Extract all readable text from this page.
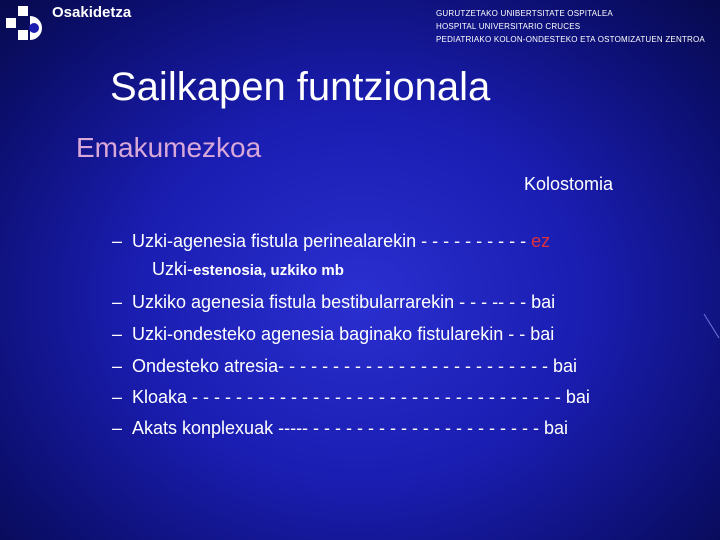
Osakidetza	GURUTZETAKO UNIBERTSITATE OSPITALEA
HOSPITAL UNIVERSITARIO CRUCES
PEDIATRIAKO KOLON-ONDESTEKO ETA OSTOMIZATUEN ZENTROA
Sailkapen funtzionala
Emakumezkoa
Kolostomia
– Uzki-agenesia fistula perinealarekin - - - - - - - - - - ez
Uzki-estenosia, uzkiko mb
– Uzkiko agenesia fistula bestibularrarekin - - - -- - - bai
– Uzki-ondesteko agenesia baginako fistularekin - - bai
– Ondesteko atresia- - - - - - - - - - - - - - - - - - - - - - - - - bai
– Kloaka - - - - - - - - - - - - - - - - - - - - - - - - - - - - - - - - - - bai
– Akats konplexuak ----- - - - - - - - - - - - - - - - - - - - - - bai
